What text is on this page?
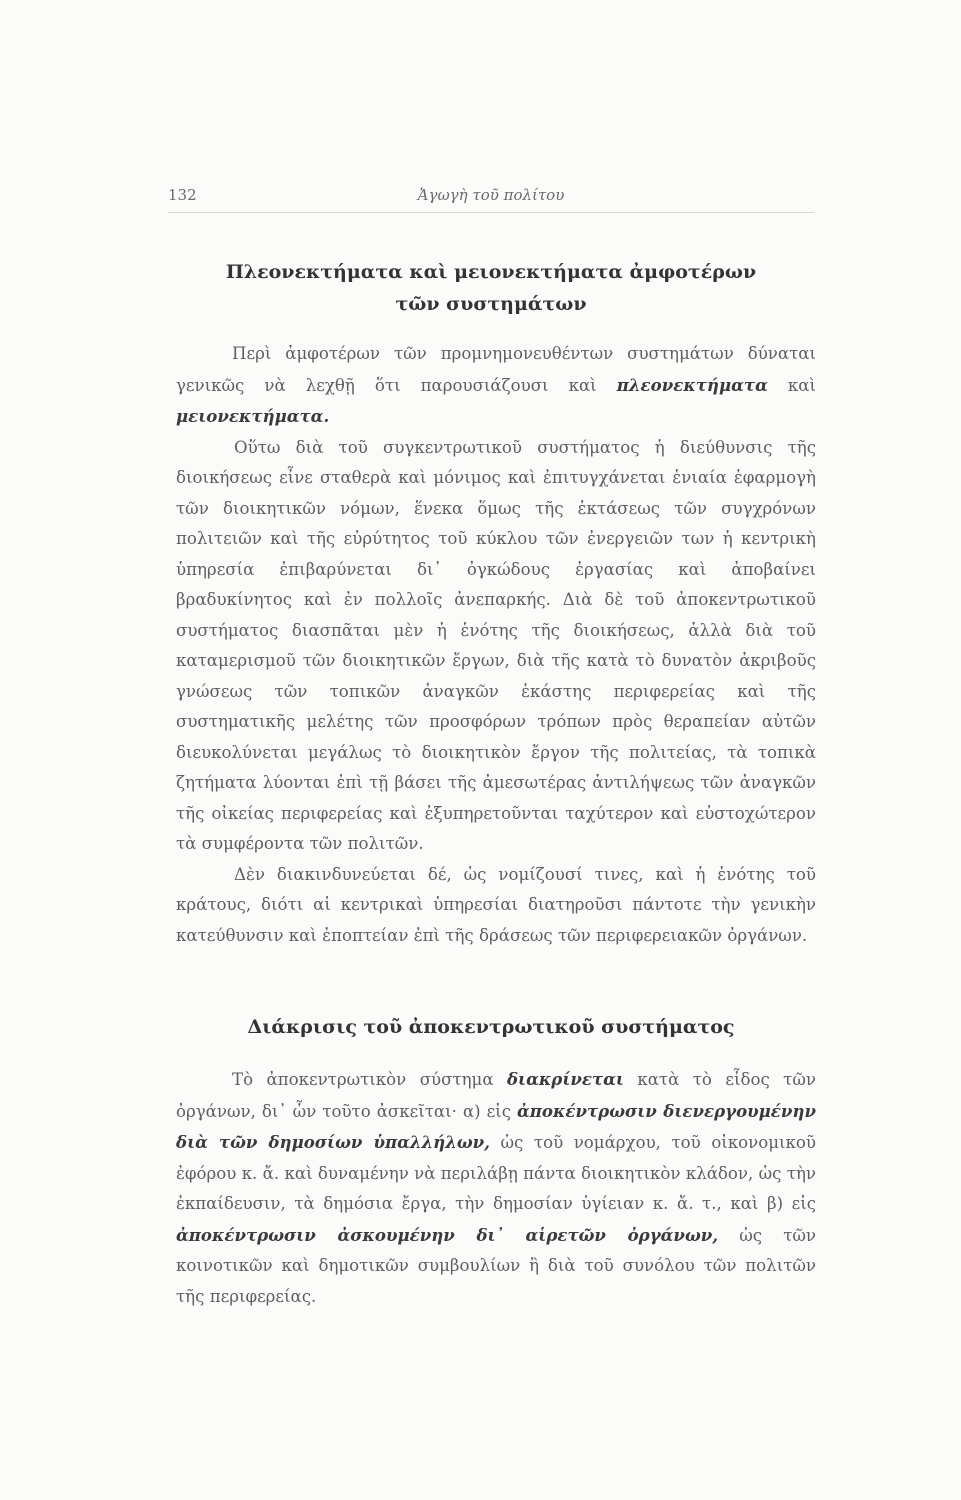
132	Ἀγωγὴ τοῦ πολίτου
Πλεονεκτήματα καὶ μειονεκτήματα ἀμφοτέρων
τῶν συστημάτων

Περὶ ἀμφοτέρων τῶν προμνημονευθέντων συστημάτων δύναται γενικῶς νὰ λεχθῇ ὅτι παρουσιάζουσι καὶ πλεονεκτήματα καὶ μειονεκτήματα.

Οὕτω διὰ τοῦ συγκεντρωτικοῦ συστήματος ἡ διεύθυνσις τῆς διοικήσεως εἶνε σταθερὰ καὶ μόνιμος καὶ ἐπιτυγχάνεται ἑνιαία ἐφαρμογὴ τῶν διοικητικῶν νόμων, ἕνεκα ὅμως τῆς ἐκτάσεως τῶν συγχρόνων πολιτειῶν καὶ τῆς εὐρύτητος τοῦ κύκλου τῶν ἐνεργειῶν των ἡ κεντρικὴ ὑπηρεσία ἐπιβαρύνεται δι᾽ ὀγκώδους ἐργασίας καὶ ἀποβαίνει βραδυκίνητος καὶ ἐν πολλοῖς ἀνεπαρκής. Διὰ δὲ τοῦ ἀποκεντρωτικοῦ συστήματος διασπᾶται μὲν ἡ ἑνότης τῆς διοικήσεως, ἀλλὰ διὰ τοῦ καταμερισμοῦ τῶν διοικητικῶν ἔργων, διὰ τῆς κατὰ τὸ δυνατὸν ἀκριβοῦς γνώσεως τῶν τοπικῶν ἀναγκῶν ἑκάστης περιφερείας καὶ τῆς συστηματικῆς μελέτης τῶν προσφόρων τρόπων πρὸς θεραπείαν αὐτῶν διευκολύνεται μεγάλως τὸ διοικητικὸν ἔργον τῆς πολιτείας, τὰ τοπικὰ ζητήματα λύονται ἐπὶ τῇ βάσει τῆς ἀμεσωτέρας ἀντιλήψεως τῶν ἀναγκῶν τῆς οἰκείας περιφερείας καὶ ἐξυπηρετοῦνται ταχύτερον καὶ εὐστοχώτερον τὰ συμφέροντα τῶν πολιτῶν.

Δὲν διακινδυνεύεται δέ, ὡς νομίζουσί τινες, καὶ ἡ ἑνότης τοῦ κράτους, διότι αἱ κεντρικαὶ ὑπηρεσίαι διατηροῦσι πάντοτε τὴν γενικὴν κατεύθυνσιν καὶ ἐποπτείαν ἐπὶ τῆς δράσεως τῶν περιφερειακῶν ὀργάνων.

Διάκρισις τοῦ ἀποκεντρωτικοῦ συστήματος

Τὸ ἀποκεντρωτικὸν σύστημα διακρίνεται κατὰ τὸ εἶδος τῶν ὀργάνων, δι᾽ ὧν τοῦτο ἀσκεῖται· α) εἰς ἀποκέντρωσιν διενεργουμένην διὰ τῶν δημοσίων ὑπαλλήλων, ὡς τοῦ νομάρχου, τοῦ οἰκονομικοῦ ἐφόρου κ. ἄ. καὶ δυναμένην νὰ περιλάβῃ πάντα διοικητικὸν κλάδον, ὡς τὴν ἐκπαίδευσιν, τὰ δημόσια ἔργα, τὴν δημοσίαν ὑγίειαν κ. ἄ. τ., καὶ β) εἰς ἀποκέντρωσιν ἀσκουμένην δι᾽ αἱρετῶν ὀργάνων, ὡς τῶν κοινοτικῶν καὶ δημοτικῶν συμβουλίων ἢ διὰ τοῦ συνόλου τῶν πολιτῶν τῆς περιφερείας.
